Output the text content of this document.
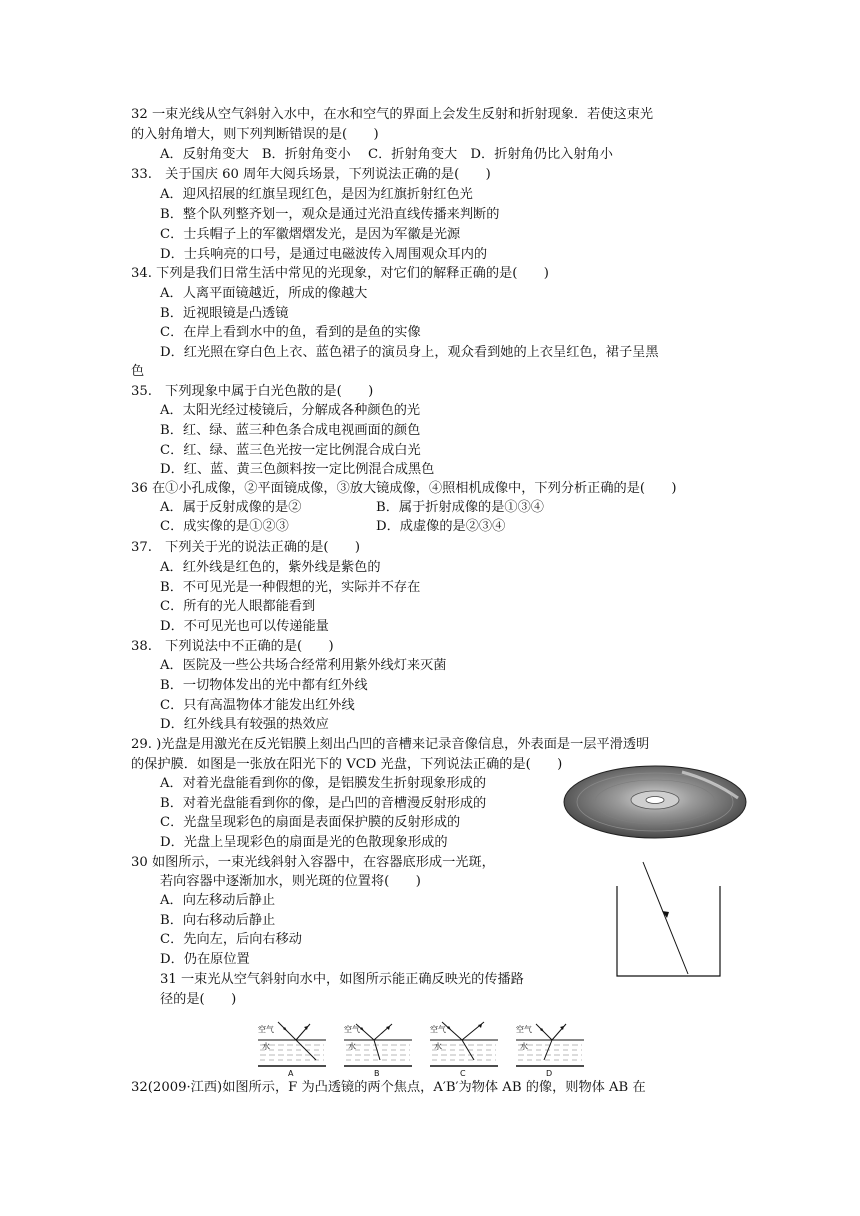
32 一束光线从空气斜射入水中，在水和空气的界面上会发生反射和折射现象．若使这束光
的入射角增大，则下列判断错误的是(　　)
A．反射角变大　B．折射角变小　 C．折射角变大　D．折射角仍比入射角小
33.　关于国庆 60 周年大阅兵场景，下列说法正确的是(　　)
A．迎风招展的红旗呈现红色，是因为红旗折射红色光
B．整个队列整齐划一，观众是通过光沿直线传播来判断的
C．士兵帽子上的军徽熠熠发光，是因为军徽是光源
D．士兵响亮的口号，是通过电磁波传入周围观众耳内的
34. 下列是我们日常生活中常见的光现象，对它们的解释正确的是(　　)
A．人离平面镜越近，所成的像越大
B．近视眼镜是凸透镜
C．在岸上看到水中的鱼，看到的是鱼的实像
D．红光照在穿白色上衣、蓝色裙子的演员身上，观众看到她的上衣呈红色，裙子呈黑
色
35.　下列现象中属于白光色散的是(　　)
A．太阳光经过棱镜后，分解成各种颜色的光
B．红、绿、蓝三种色条合成电视画面的颜色
C．红、绿、蓝三色光按一定比例混合成白光
D．红、蓝、黄三色颜料按一定比例混合成黑色
36 在①小孔成像，②平面镜成像，③放大镜成像，④照相机成像中，下列分析正确的是(　　)
A．属于反射成像的是②	B．属于折射成像的是①③④
C．成实像的是①②③	D．成虚像的是②③④
37.　下列关于光的说法正确的是(　　)
A．红外线是红色的，紫外线是紫色的
B．不可见光是一种假想的光，实际并不存在
C．所有的光人眼都能看到
D．不可见光也可以传递能量
38.　下列说法中不正确的是(　　)
A．医院及一些公共场合经常利用紫外线灯来灭菌
B．一切物体发出的光中都有红外线
C．只有高温物体才能发出红外线
D．红外线具有较强的热效应
29. )光盘是用激光在反光铝膜上刻出凸凹的音槽来记录音像信息，外表面是一层平滑透明
的保护膜．如图是一张放在阳光下的 VCD 光盘，下列说法正确的是(　　)
A．对着光盘能看到你的像，是铝膜发生折射现象形成的
B．对着光盘能看到你的像，是凸凹的音槽漫反射形成的
C．光盘呈现彩色的扇面是表面保护膜的反射形成的
D．光盘上呈现彩色的扇面是光的色散现象形成的
30 如图所示，一束光线斜射入容器中，在容器底形成一光斑，
若向容器中逐渐加水，则光斑的位置将(　　)
A．向左移动后静止
B．向右移动后静止
C．先向左，后向右移动
D．仍在原位置
31 一束光从空气斜射向水中，如图所示能正确反映光的传播路
径的是(　　)
空气
水
空气
水
空气
水
空气
水
A	B	C	D
32(2009·江西)如图所示，F 为凸透镜的两个焦点，A′B′为物体 AB 的像，则物体 AB 在
